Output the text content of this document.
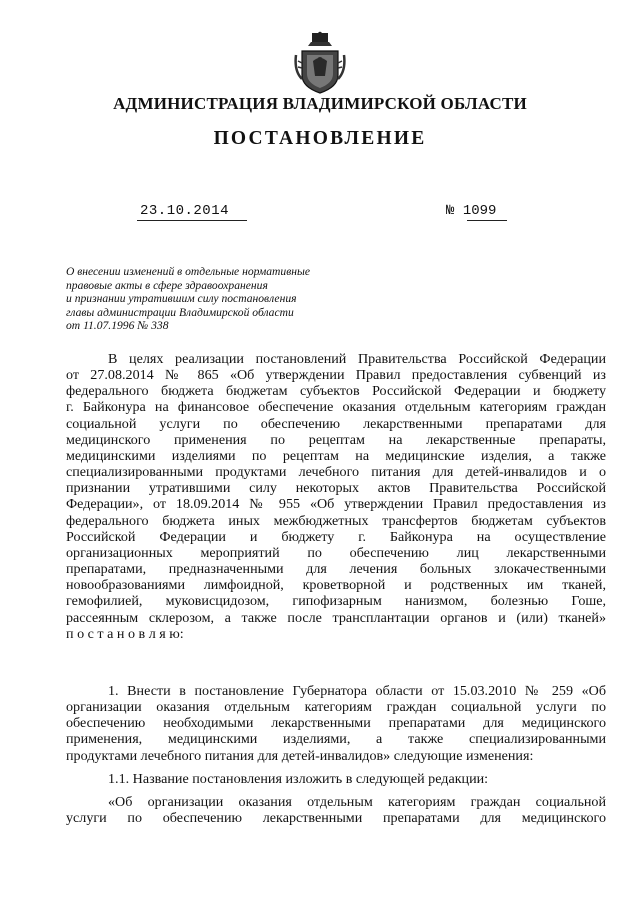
АДМИНИСТРАЦИЯ ВЛАДИМИРСКОЙ ОБЛАСТИ
ПОСТАНОВЛЕНИЕ
23.10.2014	№ 1099
О внесении изменений в отдельные нормативные
правовые акты в сфере здравоохранения
и признании утратившим силу постановления
главы администрации Владимирской области
от 11.07.1996 № 338
В целях реализации постановлений Правительства Российской Федерации
от 27.08.2014 № 865 «Об утверждении Правил предоставления субвенций из
федерального бюджета бюджетам субъектов Российской Федерации и бюджету
г. Байконура на финансовое обеспечение оказания отдельным категориям граждан
социальной услуги по обеспечению лекарственными препаратами для
медицинского применения по рецептам на лекарственные препараты,
медицинскими изделиями по рецептам на медицинские изделия, а также
специализированными продуктами лечебного питания для детей-инвалидов и о
признании утратившими силу некоторых актов Правительства Российской
Федерации», от 18.09.2014 № 955 «Об утверждении Правил предоставления из
федерального бюджета иных межбюджетных трансфертов бюджетам субъектов
Российской Федерации и бюджету г. Байконура на осуществление
организационных мероприятий по обеспечению лиц лекарственными
препаратами, предназначенными для лечения больных злокачественными
новообразованиями лимфоидной, кроветворной и родственных им тканей,
гемофилией, муковисцидозом, гипофизарным нанизмом, болезнью Гоше,
рассеянным склерозом, а также после трансплантации органов и (или) тканей»
п о с т а н о в л я ю:
1. Внести в постановление Губернатора области от 15.03.2010 № 259 «Об
организации оказания отдельным категориям граждан социальной услуги по
обеспечению необходимыми лекарственными препаратами для медицинского
применения, медицинскими изделиями, а также специализированными
продуктами лечебного питания для детей-инвалидов» следующие изменения:
1.1. Название постановления изложить в следующей редакции:
«Об организации оказания отдельным категориям граждан социальной
услуги по обеспечению лекарственными препаратами для медицинского
